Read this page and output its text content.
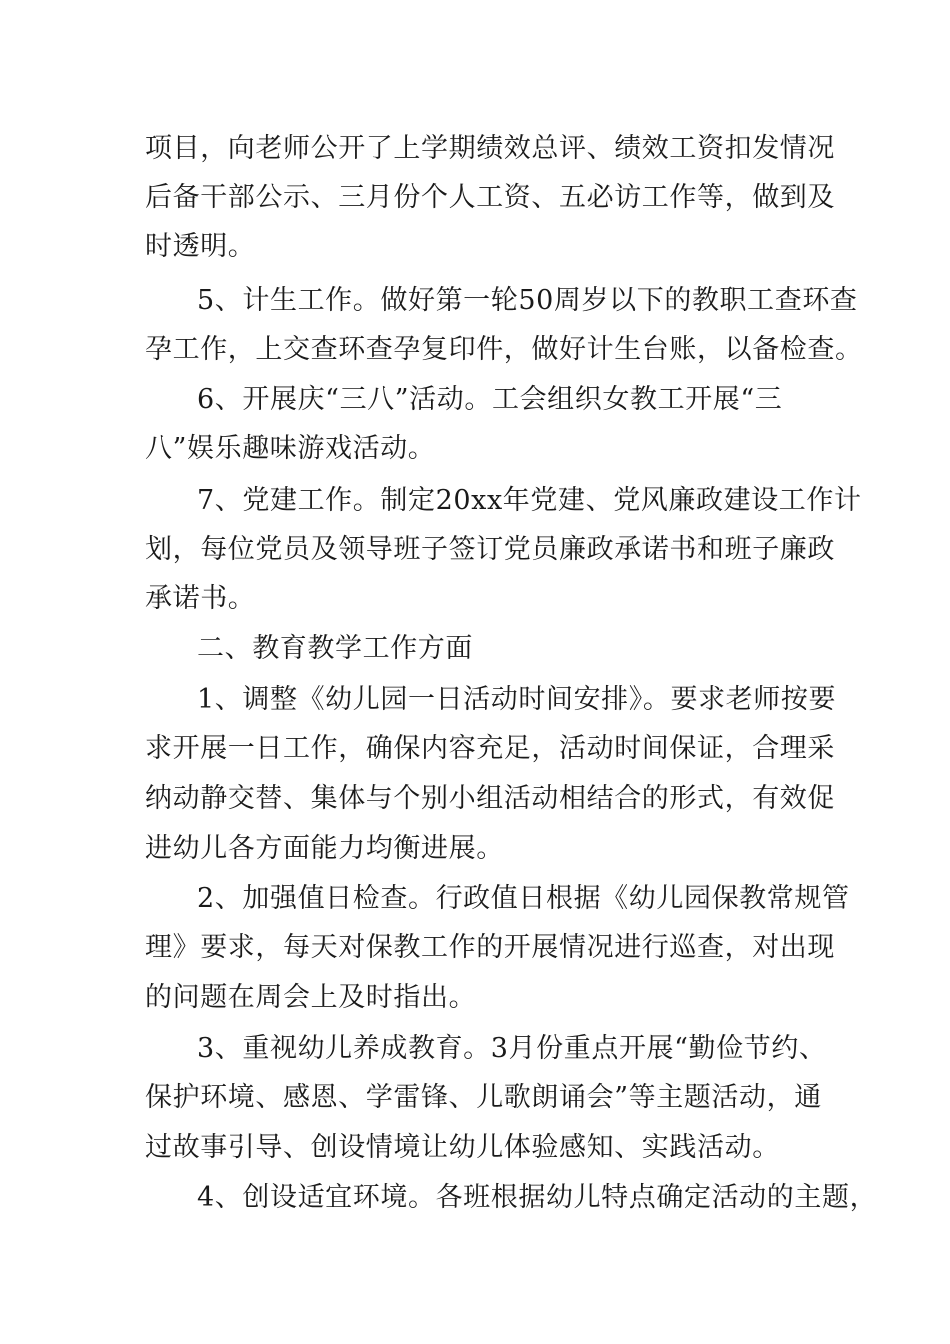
项目，向老师公开了上学期绩效总评、绩效工资扣发情况
后备干部公示、三月份个人工资、五必访工作等，做到及
时透明。
5、计生工作。做好第一轮50周岁以下的教职工查环查
孕工作，上交查环查孕复印件，做好计生台账，以备检查。
6、开展庆“三八”活动。工会组织女教工开展“三
八”娱乐趣味游戏活动。
7、党建工作。制定20xx年党建、党风廉政建设工作计
划，每位党员及领导班子签订党员廉政承诺书和班子廉政
承诺书。
二、教育教学工作方面
1、调整《幼儿园一日活动时间安排》。要求老师按要
求开展一日工作，确保内容充足，活动时间保证，合理采
纳动静交替、集体与个别小组活动相结合的形式，有效促
进幼儿各方面能力均衡进展。
2、加强值日检查。行政值日根据《幼儿园保教常规管
理》要求，每天对保教工作的开展情况进行巡查，对出现
的问题在周会上及时指出。
3、重视幼儿养成教育。3月份重点开展“勤俭节约、
保护环境、感恩、学雷锋、儿歌朗诵会”等主题活动，通
过故事引导、创设情境让幼儿体验感知、实践活动。
4、创设适宜环境。各班根据幼儿特点确定活动的主题，
